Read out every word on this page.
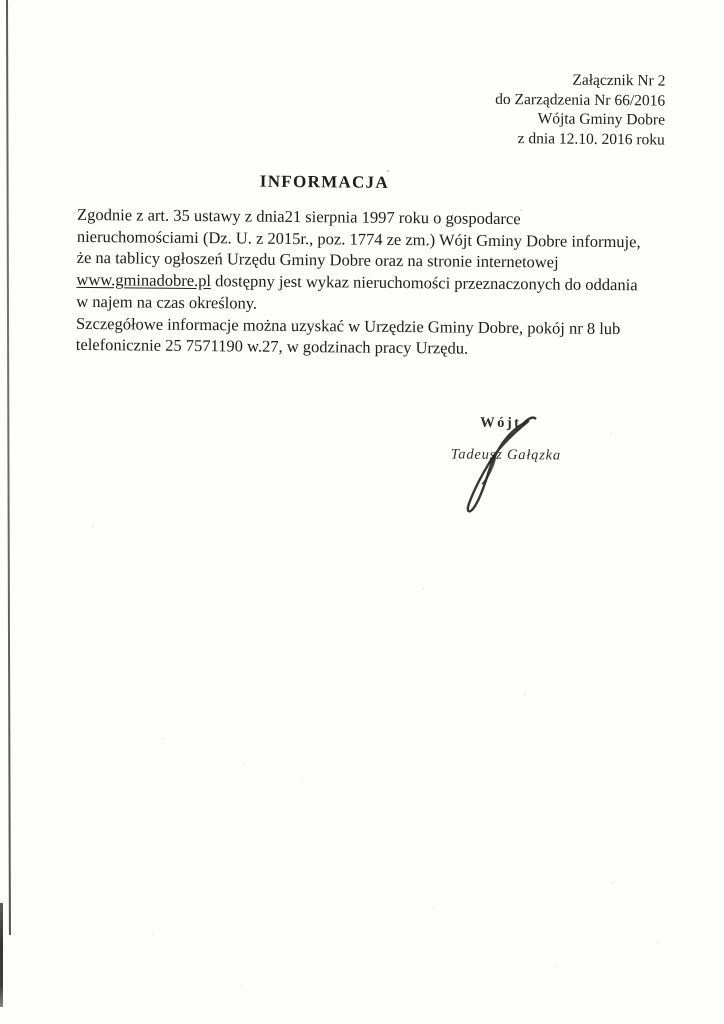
Załącznik Nr 2
do Zarządzenia Nr 66/2016
Wójta Gminy Dobre
z dnia 12.10. 2016 roku
INFORMACJA
Zgodnie z art. 35 ustawy z dnia21 sierpnia 1997 roku o gospodarce
nieruchomościami (Dz. U. z 2015r., poz. 1774 ze zm.) Wójt Gminy Dobre informuje,
że na tablicy ogłoszeń Urzędu Gminy Dobre oraz na stronie internetowej
www.gminadobre.pl dostępny jest wykaz nieruchomości przeznaczonych do oddania
w najem na czas określony.
Szczegółowe informacje można uzyskać w Urzędzie Gminy Dobre, pokój nr 8 lub
telefonicznie 25 7571190 w.27, w godzinach pracy Urzędu.
Wójt
Tadeusz Gałązka
